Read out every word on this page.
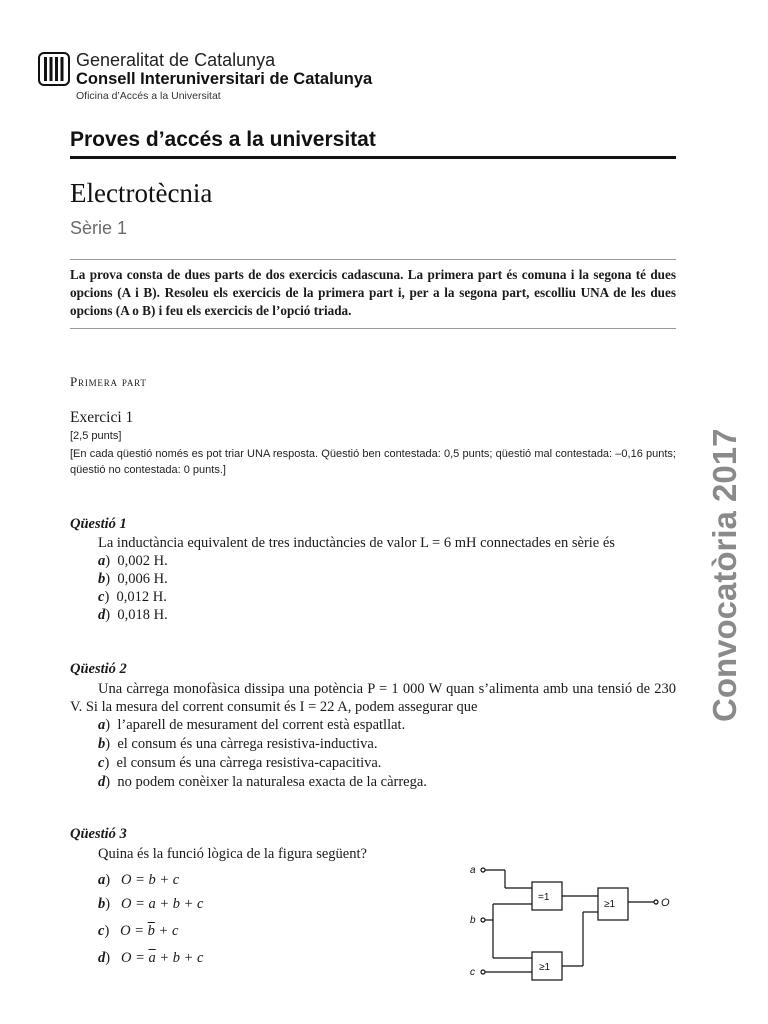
Generalitat de Catalunya
Consell Interuniversitari de Catalunya
Oficina d’Accés a la Universitat
Proves d’accés a la universitat
Electrotècnia
Sèrie 1
La prova consta de dues parts de dos exercicis cadascuna. La primera part és comuna i la segona té dues opcions (A i B). Resoleu els exercicis de la primera part i, per a la segona part, escolliu UNA de les dues opcions (A o B) i feu els exercicis de l’opció triada.
Primera part
Exercici 1
[2,5 punts]
[En cada qüestió només es pot triar UNA resposta. Qüestió ben contestada: 0,5 punts; qüestió mal contestada: –0,16 punts; qüestió no contestada: 0 punts.]
Qüestió 1
La inductància equivalent de tres inductàncies de valor L = 6 mH connectades en sèrie és
a)  0,002 H.
b)  0,006 H.
c)  0,012 H.
d)  0,018 H.
Qüestió 2
Una càrrega monofàsica dissipa una potència P = 1 000 W quan s’alimenta amb una tensió de 230 V. Si la mesura del corrent consumit és I = 22 A, podem assegurar que
a)  l’aparell de mesurament del corrent està espatllat.
b)  el consum és una càrrega resistiva-inductiva.
c)  el consum és una càrrega resistiva-capacitiva.
d)  no podem conèixer la naturalesa exacta de la càrrega.
Qüestió 3
Quina és la funció lògica de la figura següent?
a)   O = b + c
b)   O = a + b + c
c)   $O = \overline{b} + c$
d)   $O = \overline{a} + b + c$
a
b
c
=1
≥1
≥1	O
Convocatòria 2017
